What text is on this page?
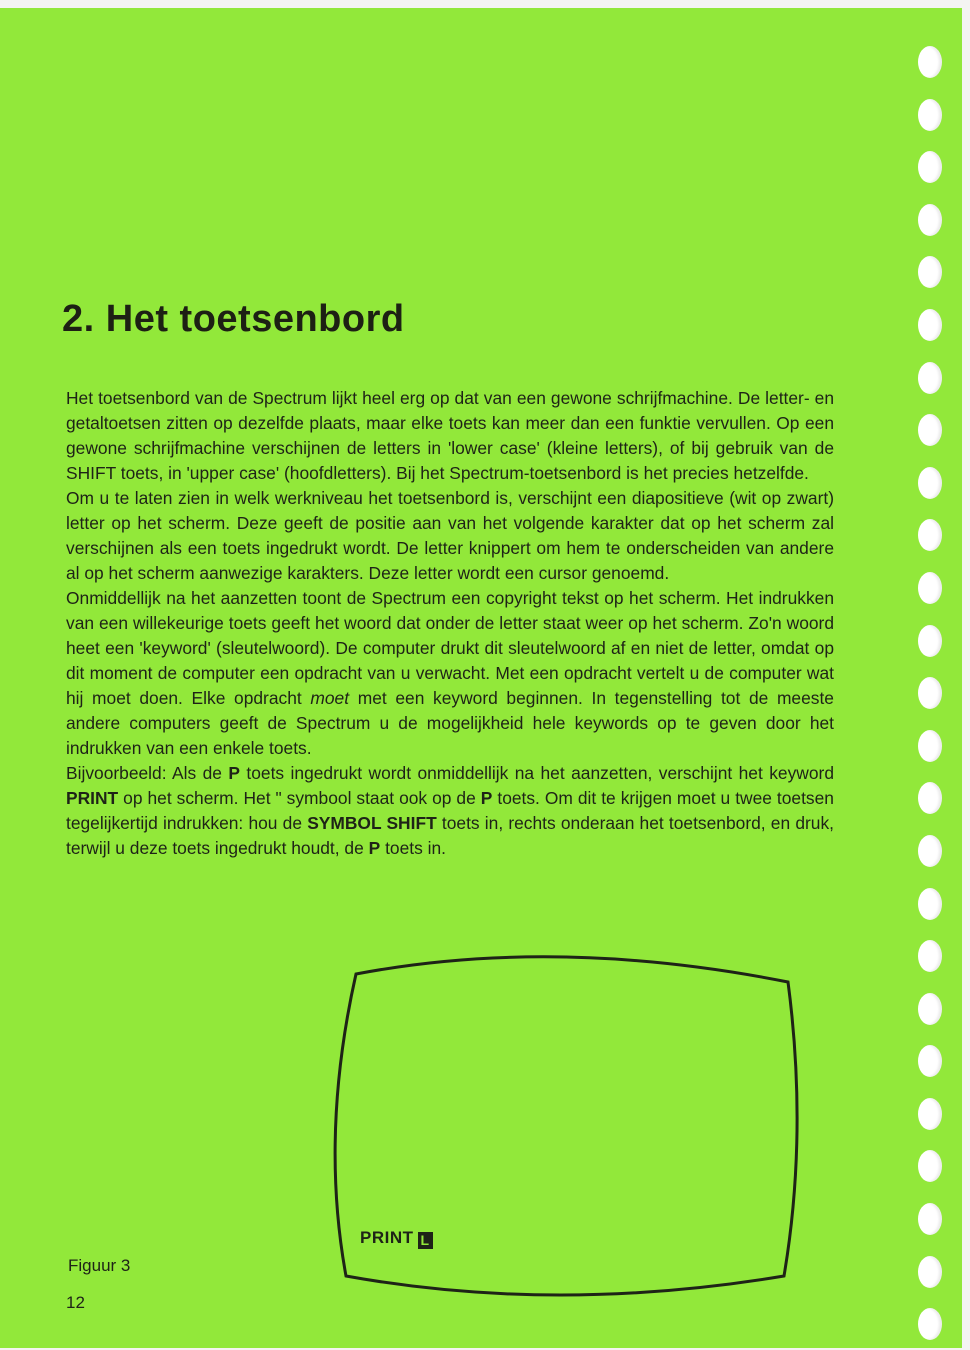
2. Het toetsenbord

Het toetsenbord van de Spectrum lijkt heel erg op dat van een gewone schrijfmachine. De letter- en getaltoetsen zitten op dezelfde plaats, maar elke toets kan meer dan een funktie vervullen. Op een gewone schrijfmachine verschijnen de letters in 'lower case' (kleine letters), of bij gebruik van de SHIFT toets, in 'upper case' (hoofdletters). Bij het Spectrum-toetsenbord is het precies hetzelfde.

Om u te laten zien in welk werkniveau het toetsenbord is, verschijnt een diapositieve (wit op zwart) letter op het scherm. Deze geeft de positie aan van het volgende karakter dat op het scherm zal verschijnen als een toets ingedrukt wordt. De letter knippert om hem te onderscheiden van andere al op het scherm aanwezige karakters. Deze letter wordt een cursor genoemd.

Onmiddellijk na het aanzetten toont de Spectrum een copyright tekst op het scherm. Het indrukken van een willekeurige toets geeft het woord dat onder de letter staat weer op het scherm. Zo'n woord heet een 'keyword' (sleutelwoord). De computer drukt dit sleutelwoord af en niet de letter, omdat op dit moment de computer een opdracht van u verwacht. Met een opdracht vertelt u de computer wat hij moet doen. Elke opdracht moet met een keyword beginnen. In tegenstelling tot de meeste andere computers geeft de Spectrum u de mogelijkheid hele keywords op te geven door het indrukken van een enkele toets.

Bijvoorbeeld: Als de P toets ingedrukt wordt onmiddellijk na het aanzetten, verschijnt het keyword PRINT op het scherm. Het " symbool staat ook op de P toets. Om dit te krijgen moet u twee toetsen tegelijkertijd indrukken: hou de SYMBOL SHIFT toets in, rechts onderaan het toetsenbord, en druk, terwijl u deze toets ingedrukt houdt, de P toets in.

PRINT L
Figuur 3
12
